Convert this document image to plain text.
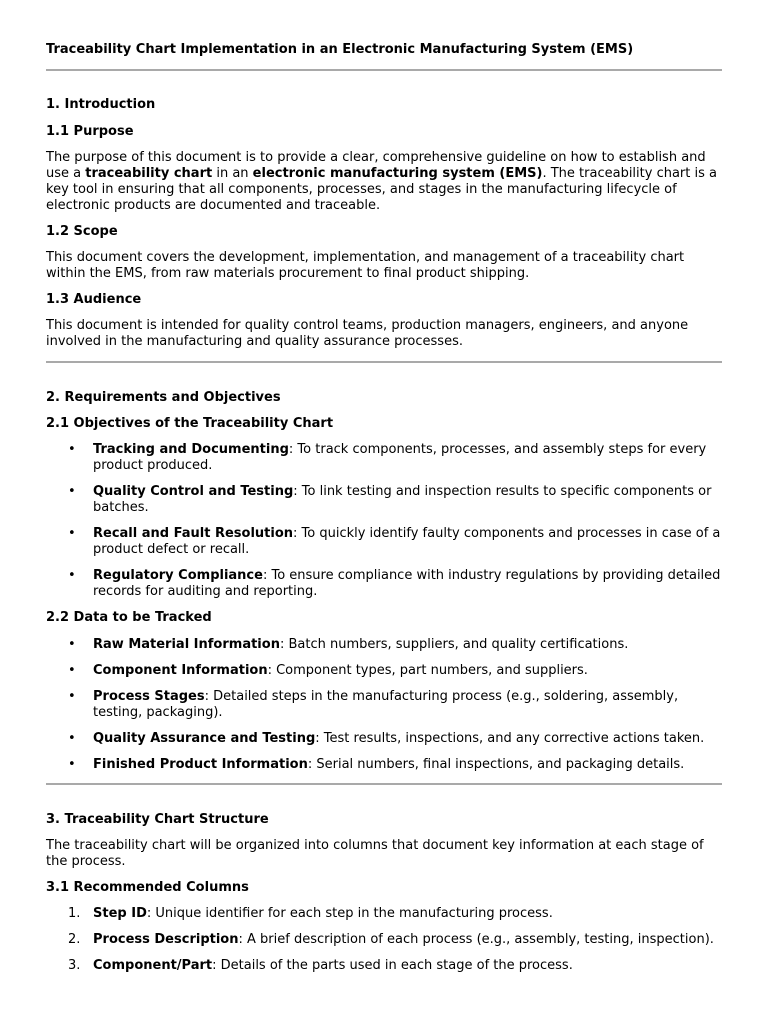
Traceability Chart Implementation in an Electronic Manufacturing System (EMS)
1. Introduction
1.1 Purpose
The purpose of this document is to provide a clear, comprehensive guideline on how to establish and use a traceability chart in an electronic manufacturing system (EMS). The traceability chart is a key tool in ensuring that all components, processes, and stages in the manufacturing lifecycle of electronic products are documented and traceable.
1.2 Scope
This document covers the development, implementation, and management of a traceability chart within the EMS, from raw materials procurement to final product shipping.
1.3 Audience
This document is intended for quality control teams, production managers, engineers, and anyone involved in the manufacturing and quality assurance processes.
2. Requirements and Objectives
2.1 Objectives of the Traceability Chart
•	Tracking and Documenting: To track components, processes, and assembly steps for every product produced.
•	Quality Control and Testing: To link testing and inspection results to specific components or batches.
•	Recall and Fault Resolution: To quickly identify faulty components and processes in case of a product defect or recall.
•	Regulatory Compliance: To ensure compliance with industry regulations by providing detailed records for auditing and reporting.
2.2 Data to be Tracked
•	Raw Material Information: Batch numbers, suppliers, and quality certifications.
•	Component Information: Component types, part numbers, and suppliers.
•	Process Stages: Detailed steps in the manufacturing process (e.g., soldering, assembly, testing, packaging).
•	Quality Assurance and Testing: Test results, inspections, and any corrective actions taken.
•	Finished Product Information: Serial numbers, final inspections, and packaging details.
3. Traceability Chart Structure
The traceability chart will be organized into columns that document key information at each stage of the process.
3.1 Recommended Columns
1. Step ID: Unique identifier for each step in the manufacturing process.
2. Process Description: A brief description of each process (e.g., assembly, testing, inspection).
3. Component/Part: Details of the parts used in each stage of the process.
